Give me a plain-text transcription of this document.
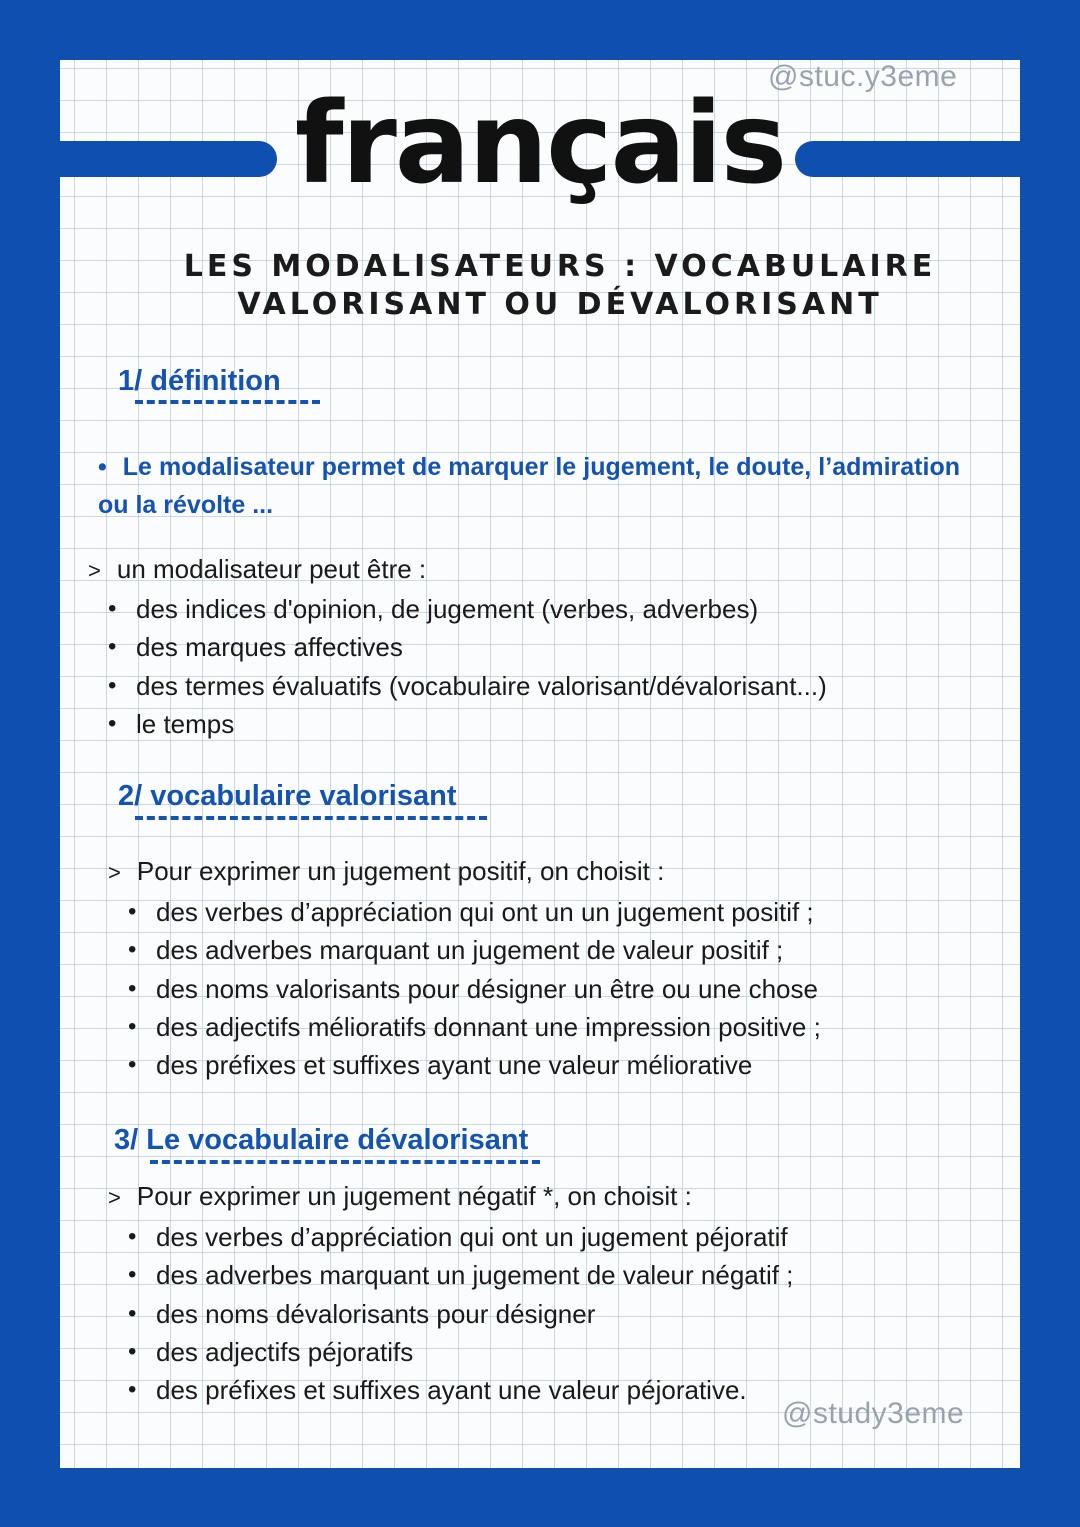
@stuc.y3eme
français
LES MODALISATEURS : VOCABULAIRE
VALORISANT OU DÉVALORISANT
1/ définition
• Le modalisateur permet de marquer le jugement, le doute, l’admiration ou la révolte ...
> un modalisateur peut être :
• des indices d'opinion, de jugement (verbes, adverbes)
• des marques affectives
• des termes évaluatifs (vocabulaire valorisant/dévalorisant...)
• le temps
2/ vocabulaire valorisant
> Pour exprimer un jugement positif, on choisit :
• des verbes d’appréciation qui ont un un jugement positif ;
• des adverbes marquant un jugement de valeur positif ;
• des noms valorisants pour désigner un être ou une chose
• des adjectifs mélioratifs donnant une impression positive ;
• des préfixes et suffixes ayant une valeur méliorative
3/ Le vocabulaire dévalorisant
> Pour exprimer un jugement négatif *, on choisit :
• des verbes d’appréciation qui ont un jugement péjoratif
• des adverbes marquant un jugement de valeur négatif ;
• des noms dévalorisants pour désigner
• des adjectifs péjoratifs
• des préfixes et suffixes ayant une valeur péjorative.
@study3eme
